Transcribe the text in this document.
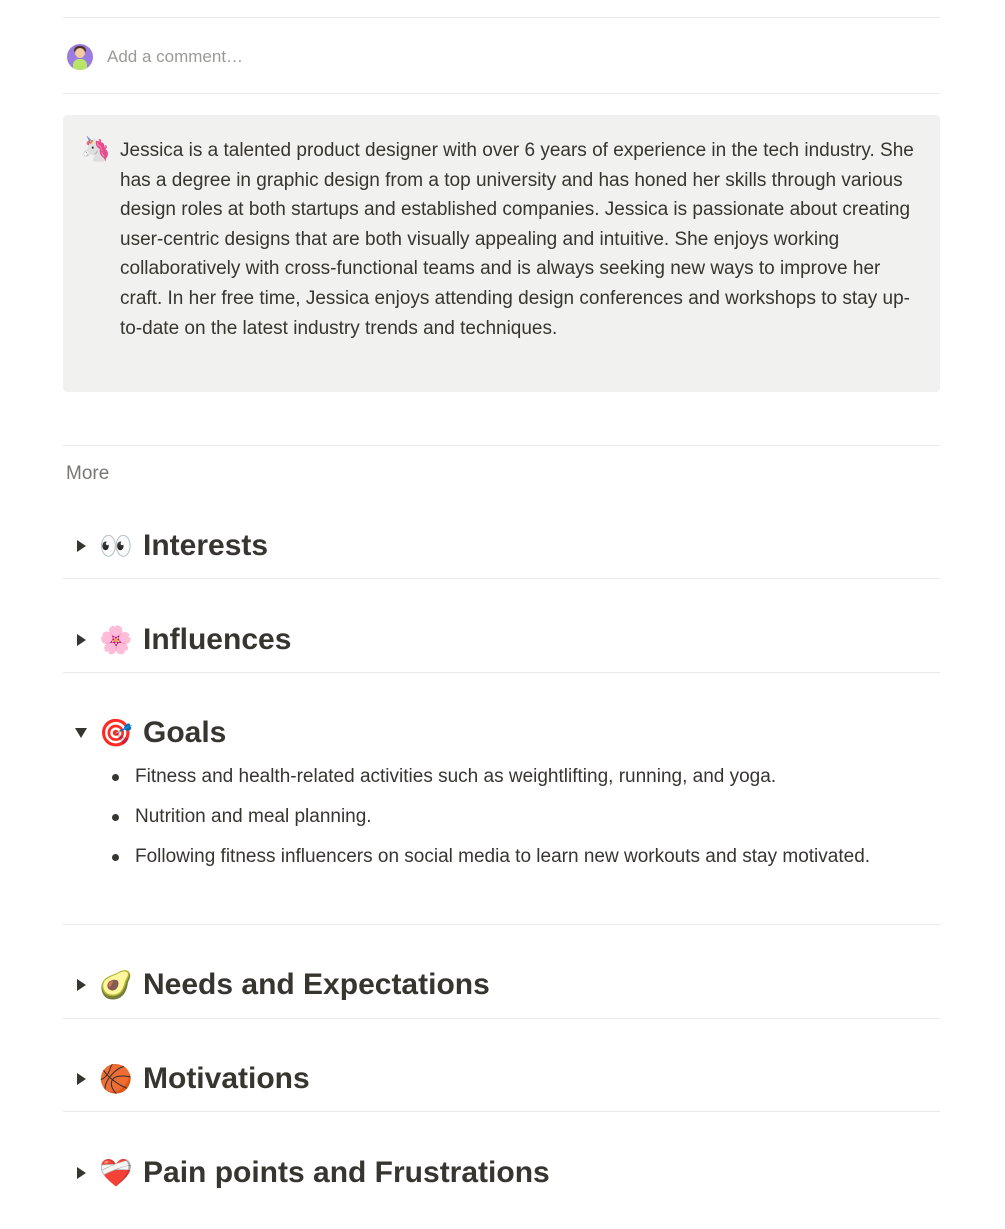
Add a comment…
🦄 Jessica is a talented product designer with over 6 years of experience in the tech industry. She has a degree in graphic design from a top university and has honed her skills through various design roles at both startups and established companies. Jessica is passionate about creating user-centric designs that are both visually appealing and intuitive. She enjoys working collaboratively with cross-functional teams and is always seeking new ways to improve her craft. In her free time, Jessica enjoys attending design conferences and workshops to stay up-to-date on the latest industry trends and techniques.
More
👀 Interests
🌸 Influences
🎯 Goals
Fitness and health-related activities such as weightlifting, running, and yoga.
Nutrition and meal planning.
Following fitness influencers on social media to learn new workouts and stay motivated.
🥑 Needs and Expectations
🏀 Motivations
❤️‍🩹 Pain points and Frustrations
